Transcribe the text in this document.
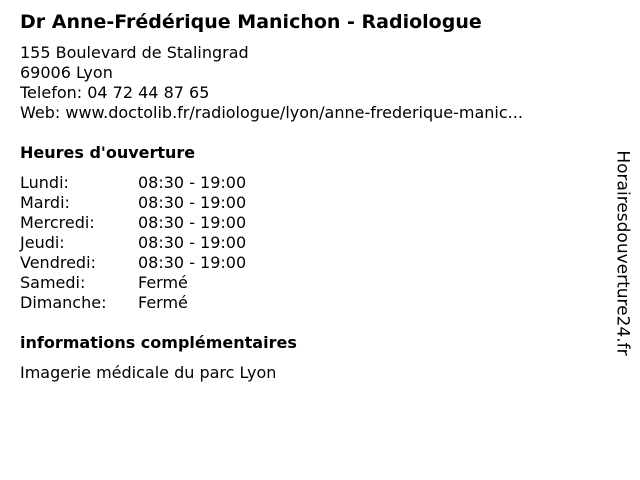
Dr Anne-Frédérique Manichon - Radiologue

155 Boulevard de Stalingrad

69006 Lyon

Telefon: 04 72 44 87 65

Web: www.doctolib.fr/radiologue/lyon/anne-frederique-manic...

Heures d'ouverture
Lundi:	08:30 - 19:00
Mardi:	08:30 - 19:00
Mercredi:	08:30 - 19:00
Jeudi:	08:30 - 19:00
Vendredi:	08:30 - 19:00
Samedi:	Fermé
Dimanche:	Fermé
informations complémentaires

Imagerie médicale du parc Lyon

Horairesdouverture24.fr
